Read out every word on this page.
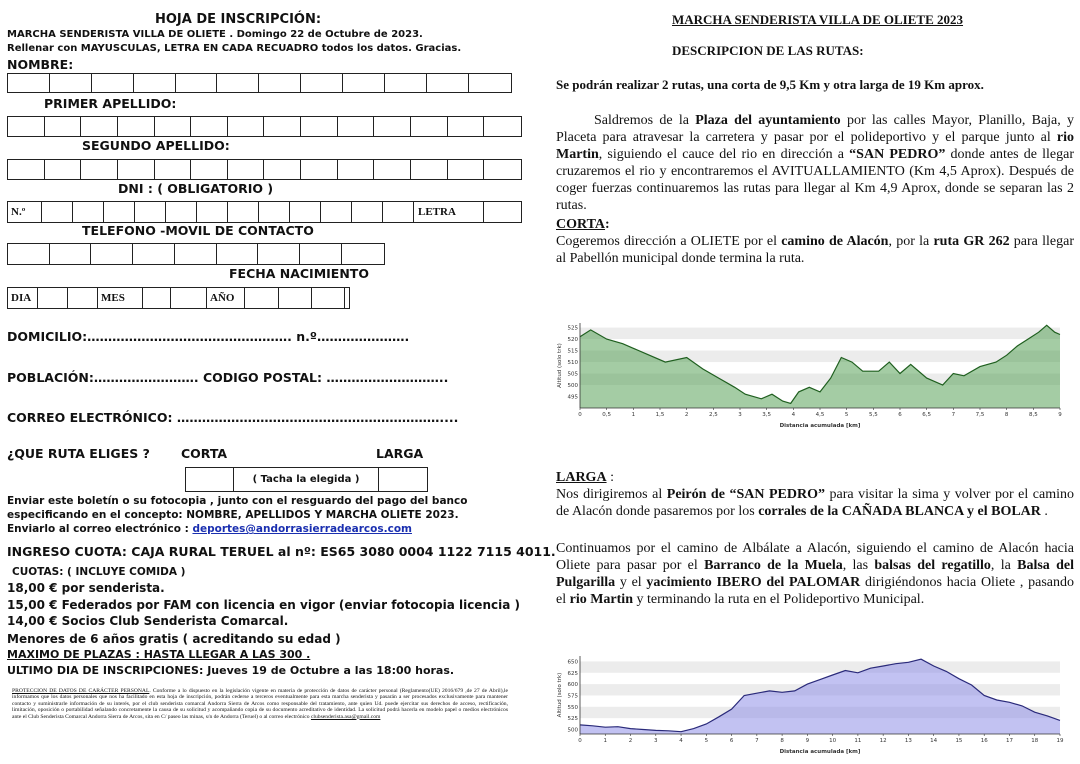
HOJA DE INSCRIPCIÓN:
MARCHA SENDERISTA VILLA DE OLIETE . Domingo 22 de Octubre de 2023.
Rellenar con MAYUSCULAS, LETRA EN CADA RECUADRO todos los datos. Gracias.
NOMBRE:
PRIMER APELLIDO:
SEGUNDO APELLIDO:
DNI : ( OBLIGATORIO )
N.º	LETRA
TELEFONO -MOVIL DE CONTACTO
FECHA NACIMIENTO
DIA	MES	AÑO
DOMICILIO:…………………………………………. n.º………………….
POBLACIÓN:……………………. CODIGO POSTAL: ………………………..
CORREO ELECTRÓNICO: ………………………………………………………....
¿QUE RUTA ELIGES ? CORTA	LARGA
( Tacha la elegida )
Enviar este boletín o su fotocopia , junto con el resguardo del pago del banco
especificando en el concepto: NOMBRE, APELLIDOS Y MARCHA OLIETE 2023.
Enviarlo al correo electrónico : deportes@andorrasierradearcos.com
INGRESO CUOTA: CAJA RURAL TERUEL al nº: ES65 3080 0004 1122 7115 4011.
CUOTAS: ( INCLUYE COMIDA )
18,00 € por senderista.
15,00 € Federados por FAM con licencia en vigor (enviar fotocopia licencia )
14,00 € Socios Club Senderista Comarcal.
Menores de 6 años gratis ( acreditando su edad )
MAXIMO DE PLAZAS : HASTA LLEGAR A LAS 300 .
ULTIMO DIA DE INSCRIPCIONES: Jueves 19 de Octubre a las 18:00 horas.
PROTECCION DE DATOS DE CARÁCTER PERSONAL. Conforme a lo dispuesto en la legislación vigente en materia de protección de datos de carácter personal (Reglamento(UE) 2016/679 ,de 27 de Abril),le informamos que los datos personales que nos ha facilitado en esta hoja de inscripción, podrán cederse a terceros eventualmente para esta marcha senderista y pasarán a ser procesados exclusivamente para mantener contacto y suministrarle información de su interés, por el club senderista comarcal Andorra Sierra de Arcos como responsable del tratamiento, ante quien Ud. puede ejercitar sus derechos de acceso, rectificación, limitación, oposición o portabilidad señalando concretamente la causa de su solicitud y acompañando copia de su documento acreditativo de identidad. La solicitud podrá hacerla en modelo papel o medios electrónicos ante el Club Senderista Comarcal Andorra Sierra de Arcos, sita en C/ paseo las minas, s/n de Andorra (Teruel) o al correo electrónico clubsenderista.asa@gmail.com
MARCHA SENDERISTA VILLA DE OLIETE 2023
DESCRIPCION DE LAS RUTAS:
Se podrán realizar 2 rutas, una corta de 9,5 Km y otra larga de 19 Km aprox.
Saldremos de la Plaza del ayuntamiento por las calles Mayor, Planillo, Baja, y Placeta para atravesar la carretera y pasar por el polideportivo y el parque junto al rio Martin, siguiendo el cauce del rio en dirección a “SAN PEDRO” donde antes de llegar cruzaremos el rio y encontraremos el AVITUALLAMIENTO (Km 4,5 Aprox). Después de coger fuerzas continuaremos las rutas para llegar al Km 4,9 Aprox, donde se separan las 2 rutas.
CORTA:
Cogeremos dirección a OLIETE por el camino de Alacón, por la ruta GR 262 para llegar al Pabellón municipal donde termina la ruta.
495
500
505
510
515
520
525
0	0,5	1	1,5	2	2,5	3	3,5	4	4,5	5	5,5	6	6,5	7	7,5	8	8,5	9
Distancia acumulada [km]
Altitud (solo trk)
LARGA :
Nos dirigiremos al Peirón de “SAN PEDRO” para visitar la sima y volver por el camino de Alacón donde pasaremos por los corrales de la CAÑADA BLANCA y el BOLAR .
Continuamos por el camino de Albálate a Alacón, siguiendo el camino de Alacón hacia Oliete para pasar por el Barranco de la Muela, las balsas del regatillo, la Balsa del Pulgarilla y el yacimiento IBERO del PALOMAR dirigiéndonos hacia Oliete , pasando el rio Martin y terminando la ruta en el Polideportivo Municipal.
500
525
550
575
600
625
650
0	1	2	3	4	5	6	7	8	9	10	11	12	13	14	15	16	17	18	19
Distancia acumulada [km]
Altitud (solo trk)
